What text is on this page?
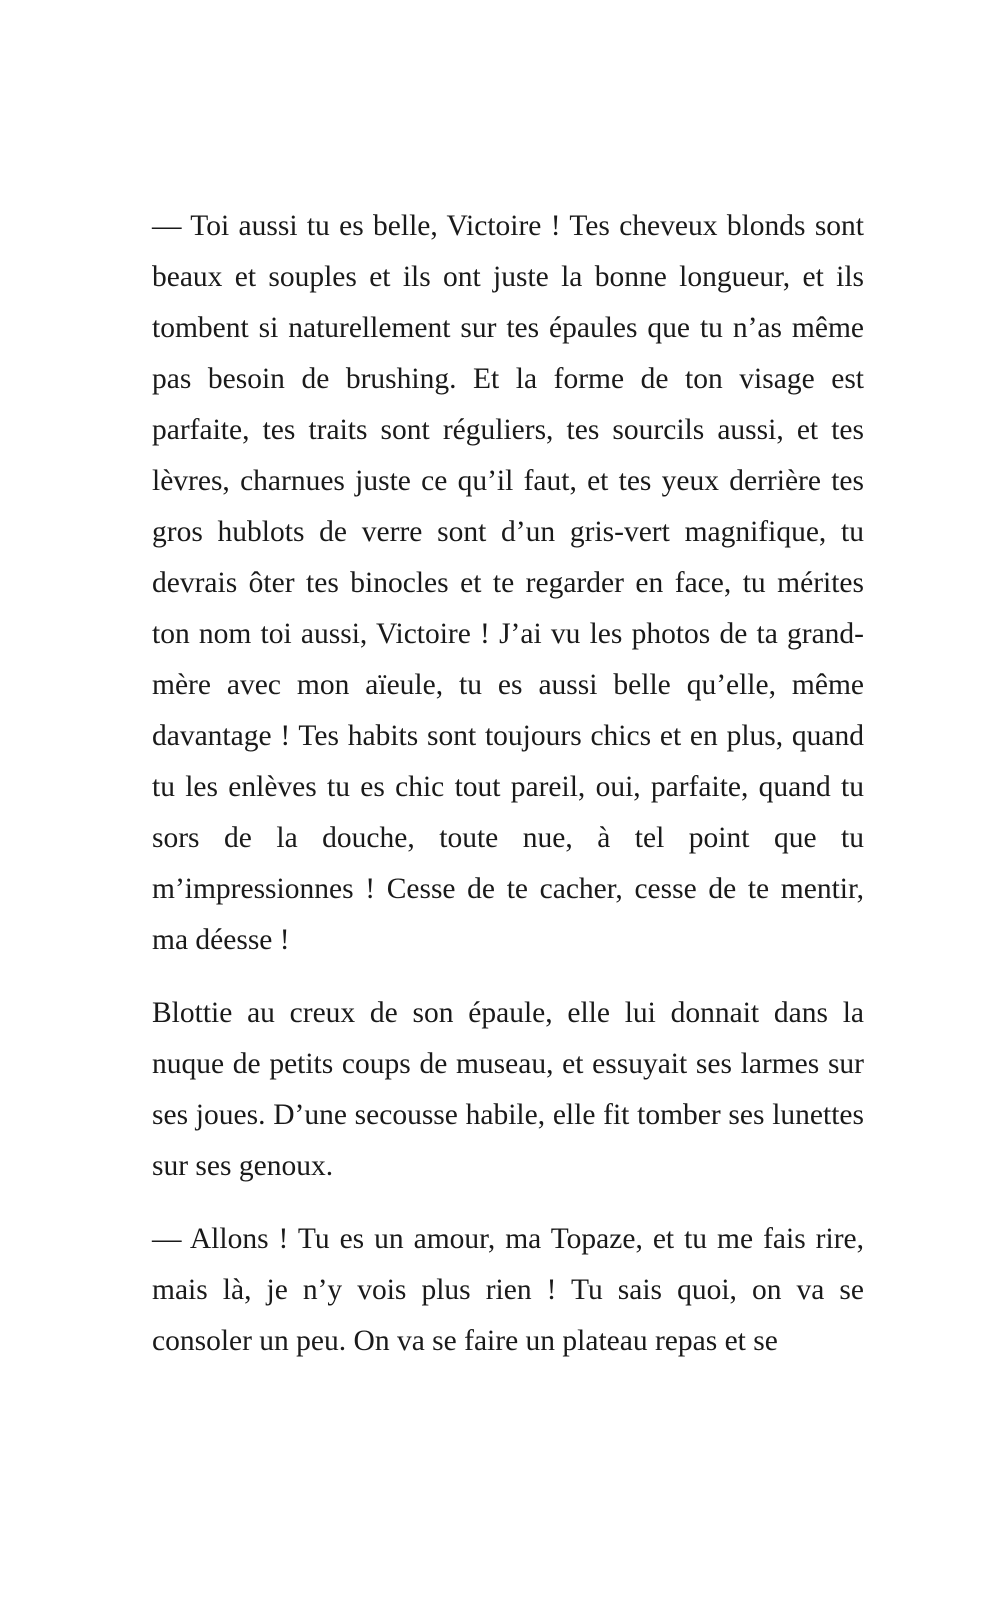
— Toi aussi tu es belle, Victoire ! Tes cheveux blonds sont beaux et souples et ils ont juste la bonne longueur, et ils tombent si naturellement sur tes épaules que tu n’as même pas besoin de brushing. Et la forme de ton visage est parfaite, tes traits sont réguliers, tes sourcils aussi, et tes lèvres, charnues juste ce qu’il faut, et tes yeux derrière tes gros hublots de verre sont d’un gris-vert magnifique, tu devrais ôter tes binocles et te regarder en face, tu mérites ton nom toi aussi, Victoire ! J’ai vu les photos de ta grand-mère avec mon aïeule, tu es aussi belle qu’elle, même davantage ! Tes habits sont toujours chics et en plus, quand tu les enlèves tu es chic tout pareil, oui, parfaite, quand tu sors de la douche, toute nue, à tel point que tu m’impressionnes ! Cesse de te cacher, cesse de te mentir, ma déesse !

Blottie au creux de son épaule, elle lui donnait dans la nuque de petits coups de museau, et essuyait ses larmes sur ses joues. D’une secousse habile, elle fit tomber ses lunettes sur ses genoux.

— Allons ! Tu es un amour, ma Topaze, et tu me fais rire, mais là, je n’y vois plus rien ! Tu sais quoi, on va se consoler un peu. On va se faire un plateau repas et se
